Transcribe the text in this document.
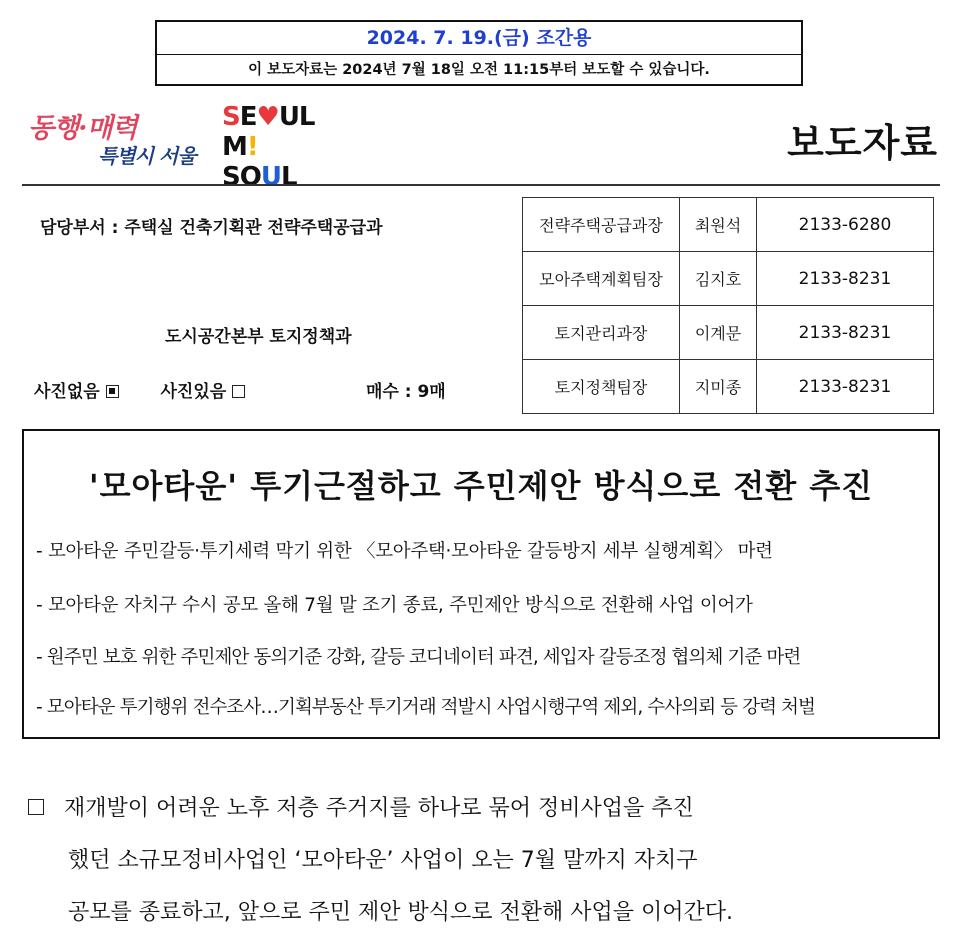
2024. 7. 19.(금) 조간용
이 보도자료는 2024년 7월 18일 오전 11:15부터 보도할 수 있습니다.
동행·매력
특별시 서울
SE♥UL
M! SOUL
보도자료
담당부서 : 주택실 건축기획관 전략주택공급과
도시공간본부 토지정책과
사진없음	사진있음	매수 : 9매
전략주택공급과장	최원석	2133-6280
모아주택계획팀장	김지호	2133-8231
토지관리과장	이계문	2133-8231
토지정책팀장	지미종	2133-8231
'모아타운' 투기근절하고 주민제안 방식으로 전환 추진
- 모아타운 주민갈등·투기세력 막기 위한 〈모아주택·모아타운 갈등방지 세부 실행계획〉 마련
- 모아타운 자치구 수시 공모 올해 7월 말 조기 종료, 주민제안 방식으로 전환해 사업 이어가
- 원주민 보호 위한 주민제안 동의기준 강화, 갈등 코디네이터 파견, 세입자 갈등조정 협의체 기준 마련
- 모아타운 투기행위 전수조사…기획부동산 투기거래 적발시 사업시행구역 제외, 수사의뢰 등 강력 처벌
재개발이 어려운 노후 저층 주거지를 하나로 묶어 정비사업을 추진
했던 소규모정비사업인 ‘모아타운’ 사업이 오는 7월 말까지 자치구
공모를 종료하고, 앞으로 주민 제안 방식으로 전환해 사업을 이어간다.
